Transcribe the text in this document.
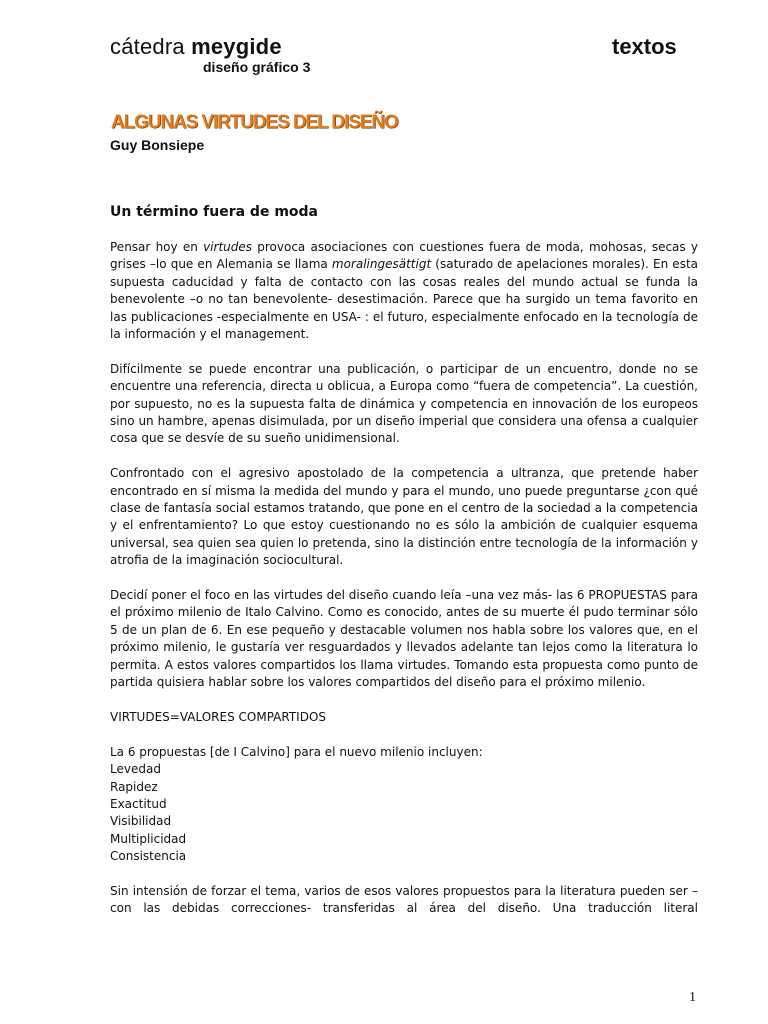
cátedra meygide	textos
diseño gráfico 3
ALGUNAS VIRTUDES DEL DISEÑO
Guy Bonsiepe
Un término fuera de moda

Pensar hoy en virtudes provoca asociaciones con cuestiones fuera de moda, mohosas, secas y grises –lo que en Alemania se llama moralingesättigt (saturado de apelaciones morales). En esta supuesta caducidad y falta de contacto con las cosas reales del mundo actual se funda la benevolente –o no tan benevolente- desestimación. Parece que ha surgido un tema favorito en las publicaciones -especialmente en USA- : el futuro, especialmente enfocado en la tecnología de la información y el management.

Difícilmente se puede encontrar una publicación, o participar de un encuentro, donde no se encuentre una referencia, directa u oblicua, a Europa como “fuera de competencia”. La cuestión, por supuesto, no es la supuesta falta de dinámica y competencia en innovación de los europeos sino un hambre, apenas disimulada, por un diseño imperial que considera una ofensa a cualquier cosa que se desvíe de su sueño unidimensional.

Confrontado con el agresivo apostolado de la competencia a ultranza, que pretende haber encontrado en sí misma la medida del mundo y para el mundo, uno puede preguntarse ¿con qué clase de fantasía social estamos tratando, que pone en el centro de la sociedad a la competencia y el enfrentamiento? Lo que estoy cuestionando no es sólo la ambición de cualquier esquema universal, sea quien sea quien lo pretenda, sino la distinción entre tecnología de la información y atrofia de la imaginación sociocultural.

Decidí poner el foco en las virtudes del diseño cuando leía –una vez más- las 6 PROPUESTAS para el próximo milenio de Italo Calvino. Como es conocido, antes de su muerte él pudo terminar sólo 5 de un plan de 6. En ese pequeño y destacable volumen nos habla sobre los valores que, en el próximo milenio, le gustaría ver resguardados y llevados adelante tan lejos como la literatura lo permita. A estos valores compartidos los llama virtudes. Tomando esta propuesta como punto de partida quisiera hablar sobre los valores compartidos del diseño para el próximo milenio.

VIRTUDES=VALORES COMPARTIDOS

La 6 propuestas [de I Calvino] para el nuevo milenio incluyen:

Levedad
Rapidez
Exactitud
Visibilidad
Multiplicidad
Consistencia

Sin intensión de forzar el tema, varios de esos valores propuestos para la literatura pueden ser – con las debidas correcciones- transferidas al área del diseño. Una traducción literal

1
